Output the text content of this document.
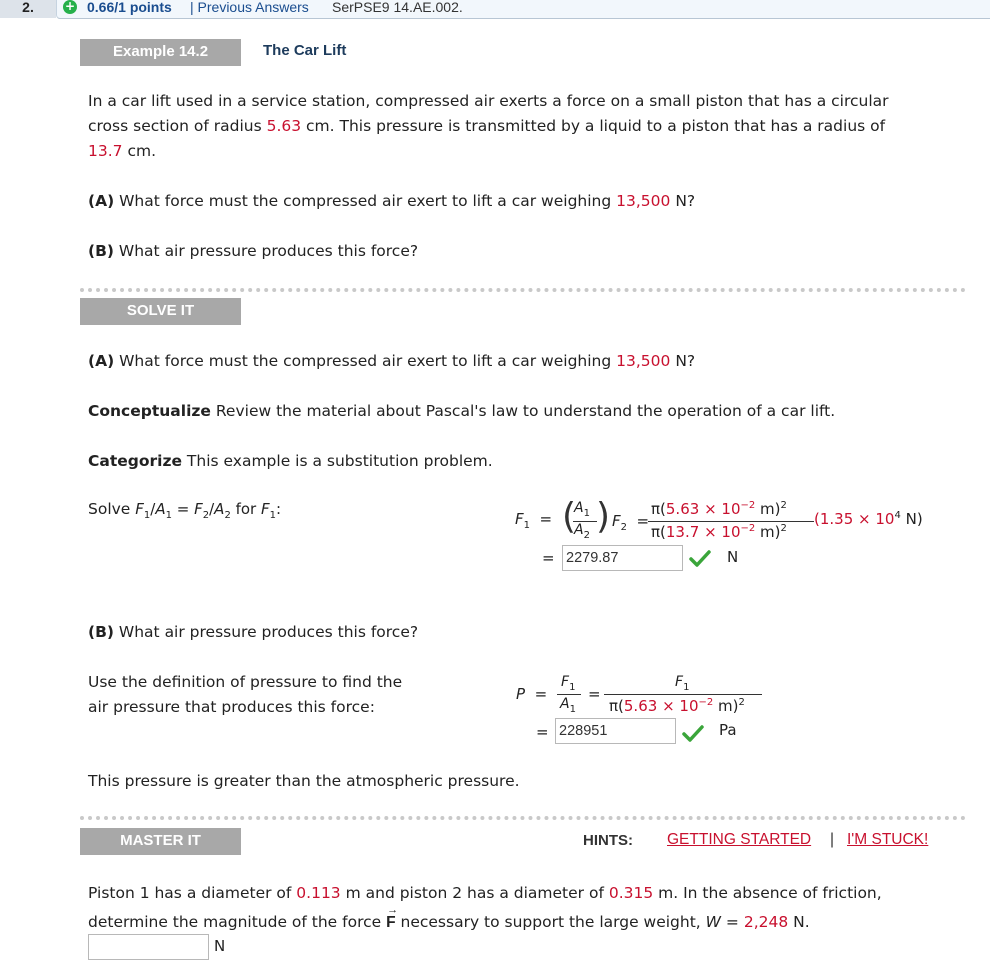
2.	+ 0.66/1 points | Previous Answers SerPSE9 14.AE.002.
Example 14.2	The Car Lift
In a car lift used in a service station, compressed air exerts a force on a small piston that has a circular
cross section of radius 5.63 cm. This pressure is transmitted by a liquid to a piston that has a radius of
13.7 cm.
(A) What force must the compressed air exert to lift a car weighing 13,500 N?
(B) What air pressure produces this force?
SOLVE IT
(A) What force must the compressed air exert to lift a car weighing 13,500 N?
Conceptualize Review the material about Pascal's law to understand the operation of a car lift.
Categorize This example is a substitution problem.
Solve $F_1/A_1 = F_2/A_2$ for $F_1$:
$F_1$  = (
$A_1$
$A_2$ ) $F_2$  =
$\pi(5.63 \times 10^{-2}$ m)$^2$
$\pi(13.7 \times 10^{-2}$ m)$^2$
($1.35 \times 10^4$ N)
= 2279.87	N
(B) What air pressure produces this force?
Use the definition of pressure to find the
air pressure that produces this force:
P  =
$F_1$
$A_1$
=
$F_1$
$\pi(5.63 \times 10^{-2}$ m)$^2$
= 228951	Pa
This pressure is greater than the atmospheric pressure.
MASTER IT	HINTS: GETTING STARTED | I'M STUCK!
Piston 1 has a diameter of 0.113 m and piston 2 has a diameter of 0.315 m. In the absence of friction,
determine the magnitude of the force
→
F necessary to support the large weight, W = 2,248 N.
N
